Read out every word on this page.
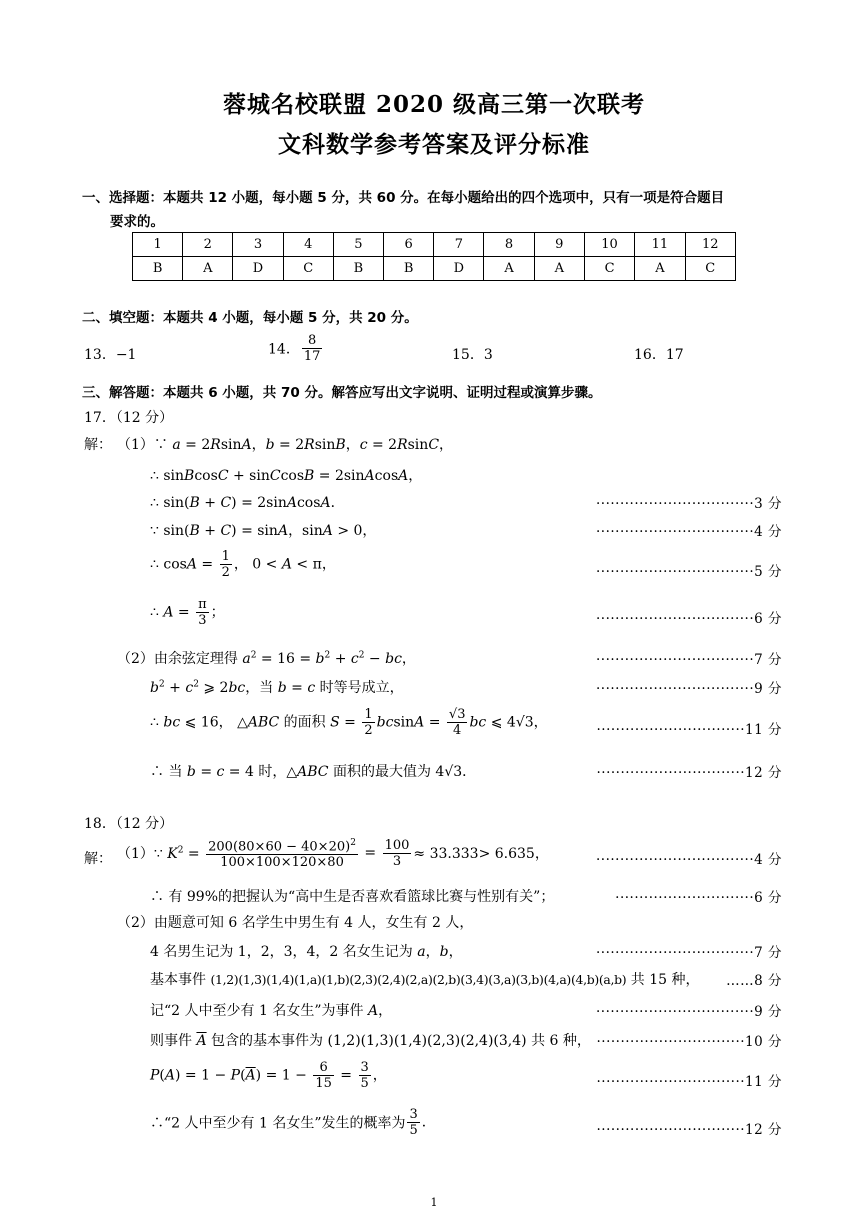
蓉城名校联盟 2020 级高三第一次联考
文科数学参考答案及评分标准
一、选择题：本题共 12 小题，每小题 5 分，共 60 分。在每小题给出的四个选项中，只有一项是符合题目
要求的。
1	2	3	4	5	6	7	8	9	10	11	12
B	A	D	C	B	B	D	A	A	C	A	C
二、填空题：本题共 4 小题，每小题 5 分，共 20 分。
13．−1	14． $\frac{8}{17}$	15．3	16．17
三、解答题：本题共 6 小题，共 70 分。解答应写出文字说明、证明过程或演算步骤。
17．（12 分）
解： （1）∵ a = 2RsinA，b = 2RsinB，c = 2RsinC，
∴ sinBcosC + sinCcosB = 2sinAcosA，
∴ sin(B + C) = 2sinAcosA．	·································3 分
∵ sin(B + C) = sinA，sinA > 0，	·································4 分
∴ $\cos A = \frac{1}{2}$ ， 0 < A < π，	·································5 分
∴ $A = \frac{\pi}{3}$ ；	·································6 分
（2）由余弦定理得 $a^2 = 16 = b^2 + c^2$ − bc，	·································7 分
$b^2 + c^2$ ⩾ 2bc，当 b = c 时等号成立，	·································9 分
∴ bc ⩽ 16， △ABC 的面积 $S = \frac{1}{2}$ $bcsinA = \frac{√3}{4}$ bc ⩽ 4√3，	·······························11 分
∴ 当 b = c = 4 时，△ABC 面积的最大值为 4√3．	·······························12 分
18．（12 分）
解： （1）∵ $K^2 = \frac{200(80\times 60 - 40\times 20)^2}{100\times 100\times 120\times 80} = \frac{100}{3} \approx 33.333> 6.635$，	·································4 分
∴ 有 99%的把握认为“高中生是否喜欢看篮球比赛与性别有关”；	·····························6 分
（2）由题意可知 6 名学生中男生有 4 人，女生有 2 人，
4 名男生记为 1，2，3，4，2 名女生记为 a，b，	·································7 分
基本事件 (1,2)(1,3)(1,4)(1,a)(1,b)(2,3)(2,4)(2,a)(2,b)(3,4)(3,a)(3,b)(4,a)(4,b)(a,b) 共 15 种， ……8 分
记“2 人中至少有 1 名女生”为事件 A，	·································9 分
则事件 $\overline{A}$ 包含的基本事件为 (1,2)(1,3)(1,4)(2,3)(2,4)(3,4) 共 6 种， ·······························10 分
$P(A) = 1 - P(\overline{A}) = 1 - \frac{6}{15} = \frac{3}{5}$ ，	·······························11 分
∴“2 人中至少有 1 名女生”发生的概率为 $\frac{3}{5}$ ．	·······························12 分
1
